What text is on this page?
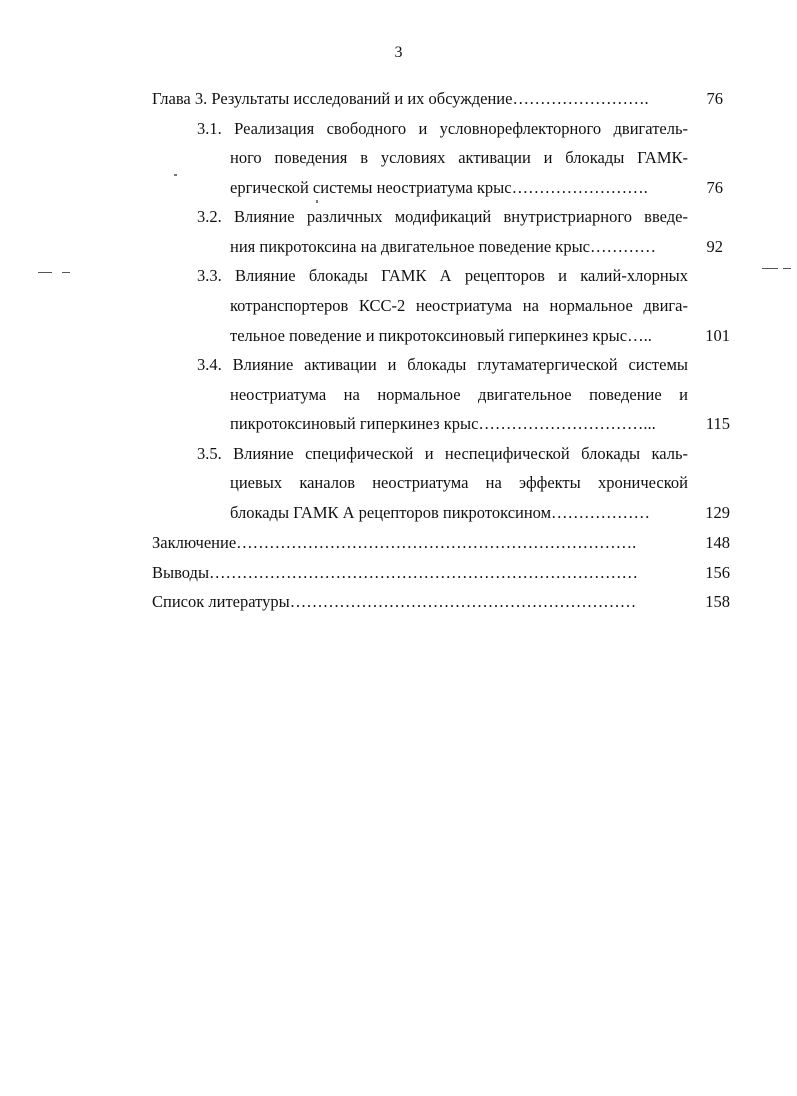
3
Глава 3. Результаты исследований и их обсуждение…………………….	76
3.1. Реализация свободного и условнорефлекторного двигатель-
ного поведения в условиях активации и блокады ГАМК-
ергической системы неостриатума крыс…………………….	76
3.2. Влияние различных модификаций внутристриарного введе-
ния пикротоксина на двигательное поведение крыс…………	92
3.3. Влияние блокады ГАМК А рецепторов и калий-хлорных
котранспортеров КСС-2 неостриатума на нормальное двига-
тельное поведение и пикротоксиновый гиперкинез крыс…..	101
3.4. Влияние активации и блокады глутаматергической системы
неостриатума на нормальное двигательное поведение и
пикротоксиновый гиперкинез крыс…………………………...	115
3.5. Влияние специфической и неспецифической блокады каль-
циевых каналов неостриатума на эффекты хронической
блокады ГАМК А рецепторов пикротоксином………………	129
Заключение……………………………………………………………….	148
Выводы……………………………………………………………………	156
Список литературы………………………………………………………	158
